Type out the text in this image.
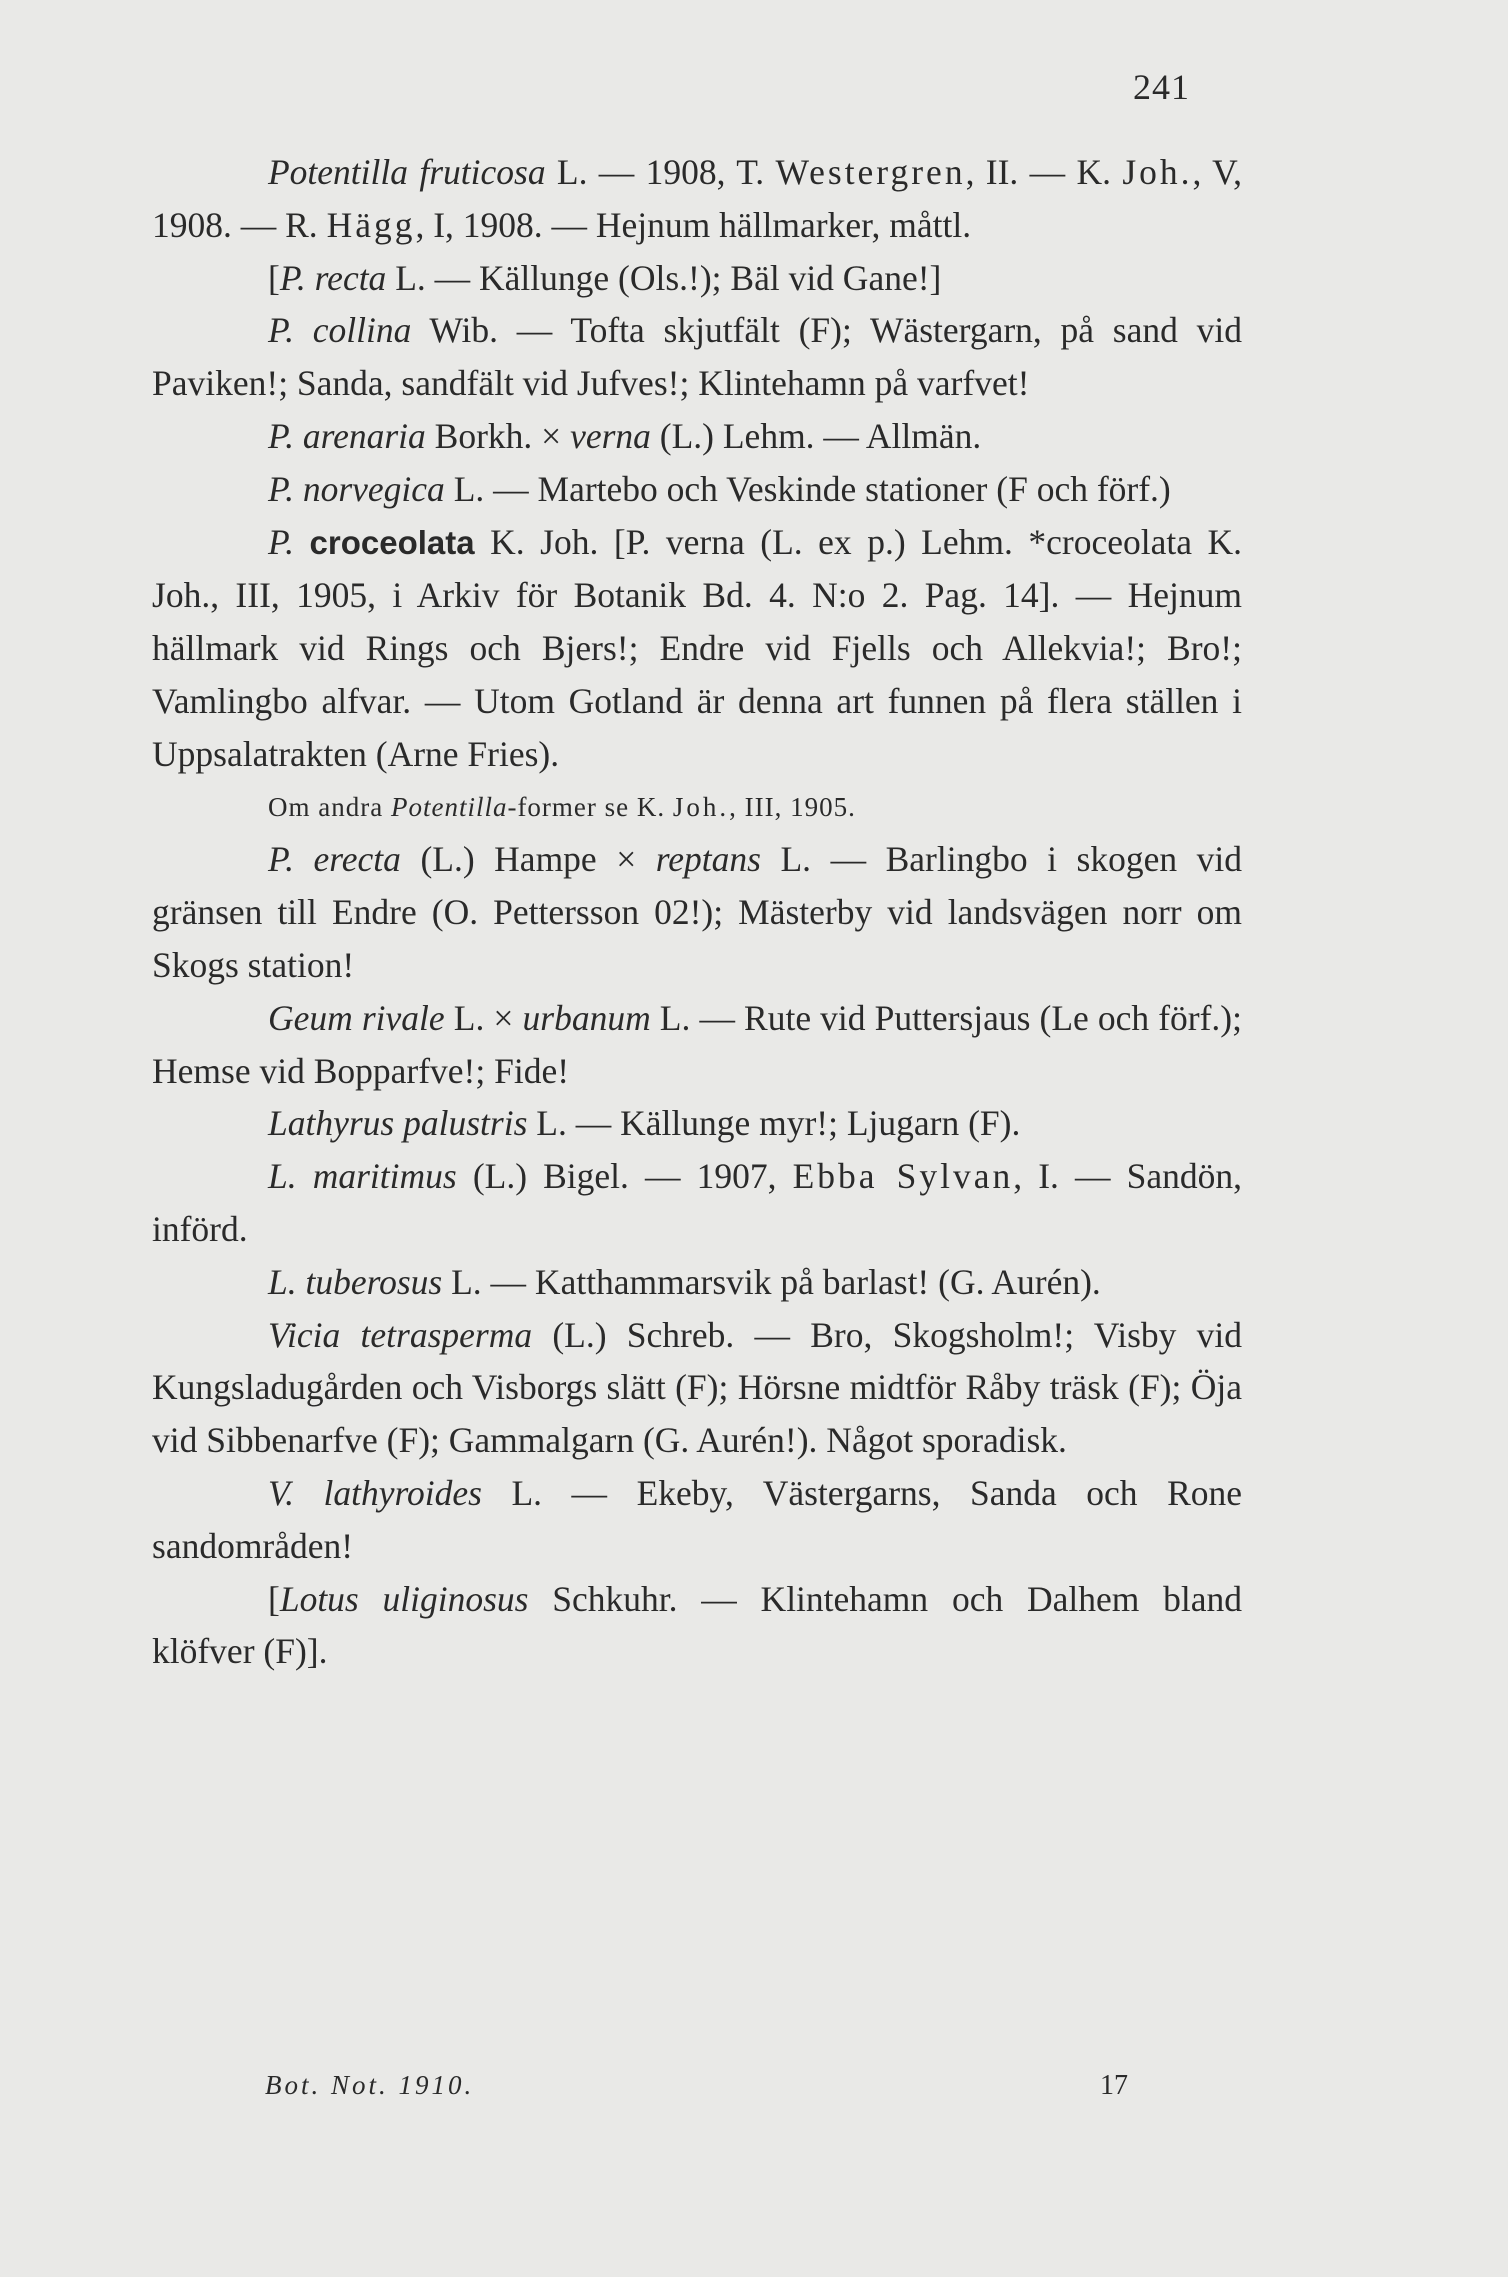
241

Potentilla fruticosa L. — 1908, T. Westergren, II. — K. Joh., V, 1908. — R. Hägg, I, 1908. — Hejnum hällmarker, måttl.

[P. recta L. — Källunge (Ols.!); Bäl vid Gane!]

P. collina Wib. — Tofta skjutfält (F); Wästergarn, på sand vid Paviken!; Sanda, sandfält vid Jufves!; Klintehamn på varfvet!

P. arenaria Borkh. × verna (L.) Lehm. — Allmän.

P. norvegica L. — Martebo och Veskinde stationer (F och förf.)

P. croceolata K. Joh. [P. verna (L. ex p.) Lehm. *croceolata K. Joh., III, 1905, i Arkiv för Botanik Bd. 4. N:o 2. Pag. 14]. — Hejnum hällmark vid Rings och Bjers!; Endre vid Fjells och Allekvia!; Bro!; Vamlingbo alfvar. — Utom Gotland är denna art funnen på flera ställen i Uppsalatrakten (Arne Fries).

Om andra Potentilla-former se K. Joh., III, 1905.

P. erecta (L.) Hampe × reptans L. — Barlingbo i skogen vid gränsen till Endre (O. Pettersson 02!); Mästerby vid landsvägen norr om Skogs station!

Geum rivale L. × urbanum L. — Rute vid Puttersjaus (Le och förf.); Hemse vid Bopparfve!; Fide!

Lathyrus palustris L. — Källunge myr!; Ljugarn (F).

L. maritimus (L.) Bigel. — 1907, Ebba Sylvan, I. — Sandön, införd.

L. tuberosus L. — Katthammarsvik på barlast! (G. Aurén).

Vicia tetrasperma (L.) Schreb. — Bro, Skogsholm!; Visby vid Kungsladugården och Visborgs slätt (F); Hörsne midtför Råby träsk (F); Öja vid Sibbenarfve (F); Gammalgarn (G. Aurén!). Något sporadisk.

V. lathyroides L. — Ekeby, Västergarns, Sanda och Rone sandområden!

[Lotus uliginosus Schkuhr. — Klintehamn och Dalhem bland klöfver (F)].

Bot. Not. 1910.	17
